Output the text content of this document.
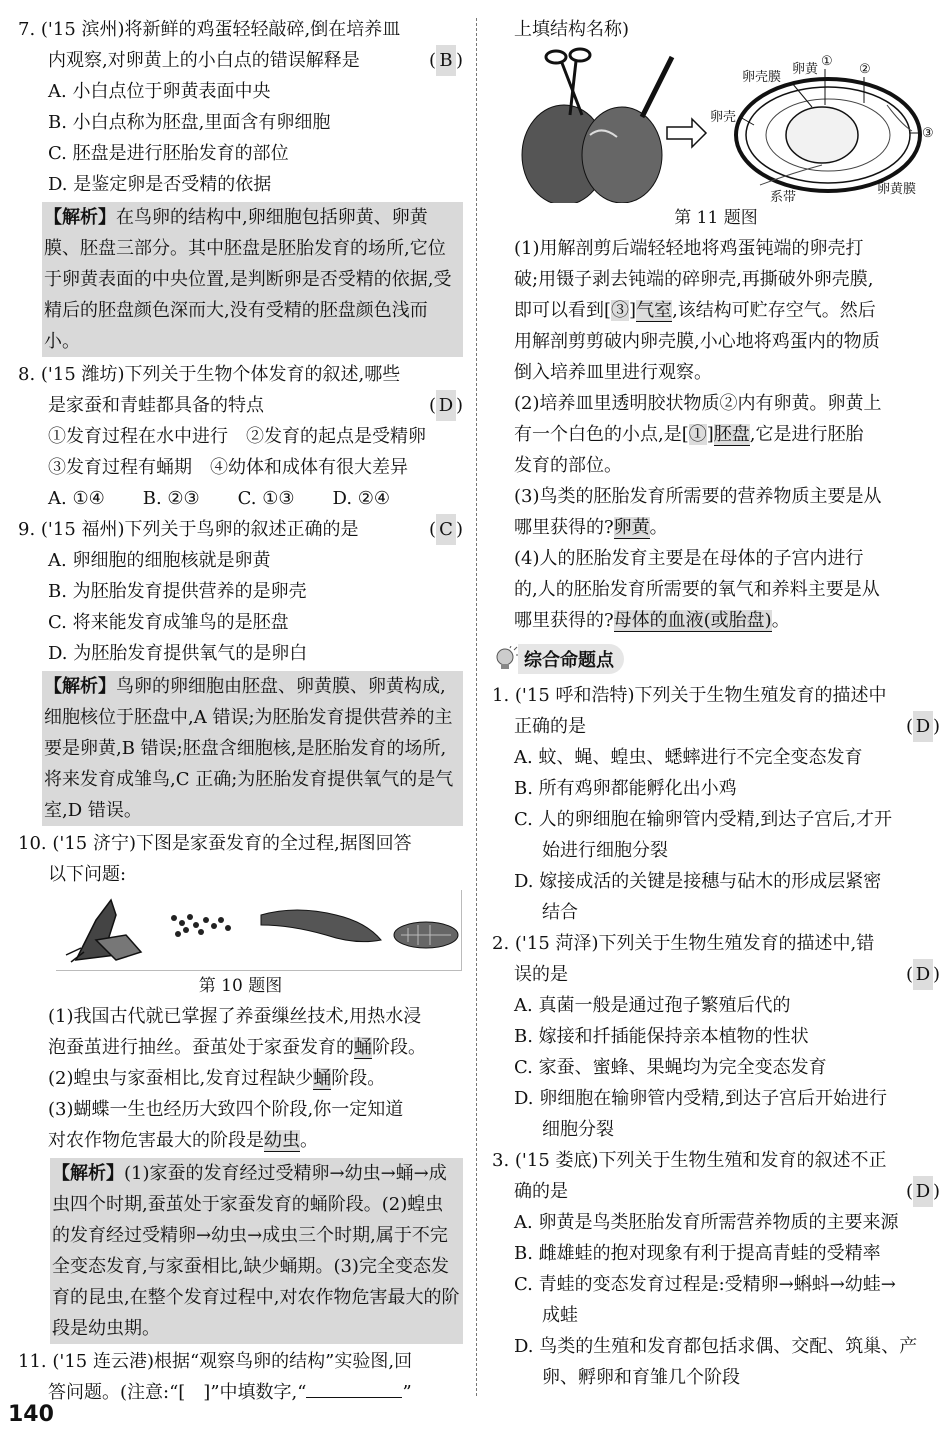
7. ('15 滨州)将新鲜的鸡蛋轻轻敲碎,倒在培养皿

内观察,对卵黄上的小白点的错误解释是	( B )

A. 小白点位于卵黄表面中央

B. 小白点称为胚盘,里面含有卵细胞

C. 胚盘是进行胚胎发育的部位

D. 是鉴定卵是否受精的依据

【解析】在鸟卵的结构中,卵细胞包括卵黄、卵黄膜、胚盘三部分。其中胚盘是胚胎发育的场所,它位于卵黄表面的中央位置,是判断卵是否受精的依据,受精后的胚盘颜色深而大,没有受精的胚盘颜色浅而小。

8. ('15 潍坊)下列关于生物个体发育的叙述,哪些

是家蚕和青蛙都具备的特点	( D )

①发育过程在水中进行　②发育的起点是受精卵

③发育过程有蛹期　④幼体和成体有很大差异

A. ①④ B. ②③ C. ①③ D. ②④

9. ('15 福州)下列关于鸟卵的叙述正确的是	( C )

A. 卵细胞的细胞核就是卵黄

B. 为胚胎发育提供营养的是卵壳

C. 将来能发育成雏鸟的是胚盘

D. 为胚胎发育提供氧气的是卵白

【解析】鸟卵的卵细胞由胚盘、卵黄膜、卵黄构成,细胞核位于胚盘中,A 错误;为胚胎发育提供营养的主要是卵黄,B 错误;胚盘含细胞核,是胚胎发育的场所,将来发育成雏鸟,C 正确;为胚胎发育提供氧气的是气室,D 错误。

10. ('15 济宁)下图是家蚕发育的全过程,据图回答

以下问题:

第 10 题图

(1)我国古代就已掌握了养蚕缫丝技术,用热水浸

泡蚕茧进行抽丝。蚕茧处于家蚕发育的蛹阶段。

(2)蝗虫与家蚕相比,发育过程缺少蛹阶段。

(3)蝴蝶一生也经历大致四个阶段,你一定知道

对农作物危害最大的阶段是幼虫。

【解析】(1)家蚕的发育经过受精卵→幼虫→蛹→成虫四个时期,蚕茧处于家蚕发育的蛹阶段。(2)蝗虫的发育经过受精卵→幼虫→成虫三个时期,属于不完全变态发育,与家蚕相比,缺少蛹期。(3)完全变态发育的昆虫,在整个发育过程中,对农作物危害最大的阶段是幼虫期。

11. ('15 连云港)根据“观察鸟卵的结构”实验图,回

答问题。(注意:“[　]”中填数字,“	”

上填结构名称)

卵壳膜
卵黄
①
②
卵壳
③
系带
卵黄膜
第 11 题图

(1)用解剖剪后端轻轻地将鸡蛋钝端的卵壳打

破;用镊子剥去钝端的碎卵壳,再撕破外卵壳膜,

即可以看到[③]气室,该结构可贮存空气。然后

用解剖剪剪破内卵壳膜,小心地将鸡蛋内的物质

倒入培养皿里进行观察。

(2)培养皿里透明胶状物质②内有卵黄。卵黄上

有一个白色的小点,是[①]胚盘,它是进行胚胎

发育的部位。

(3)鸟类的胚胎发育所需要的营养物质主要是从

哪里获得的?卵黄。

(4)人的胚胎发育主要是在母体的子宫内进行

的,人的胚胎发育所需要的氧气和养料主要是从

哪里获得的?母体的血液(或胎盘)。

综合命题点

1. ('15 呼和浩特)下列关于生物生殖发育的描述中

正确的是	( D )

A. 蚊、蝇、蝗虫、蟋蟀进行不完全变态发育

B. 所有鸡卵都能孵化出小鸡

C. 人的卵细胞在输卵管内受精,到达子宫后,才开

始进行细胞分裂

D. 嫁接成活的关键是接穗与砧木的形成层紧密

结合

2. ('15 菏泽)下列关于生物生殖发育的描述中,错

误的是	( D )

A. 真菌一般是通过孢子繁殖后代的

B. 嫁接和扦插能保持亲本植物的性状

C. 家蚕、蜜蜂、果蝇均为完全变态发育

D. 卵细胞在输卵管内受精,到达子宫后开始进行

细胞分裂

3. ('15 娄底)下列关于生物生殖和发育的叙述不正

确的是	( D )

A. 卵黄是鸟类胚胎发育所需营养物质的主要来源

B. 雌雄蛙的抱对现象有利于提高青蛙的受精率

C. 青蛙的变态发育过程是:受精卵→蝌蚪→幼蛙→

成蛙

D. 鸟类的生殖和发育都包括求偶、交配、筑巢、产

卵、孵卵和育雏几个阶段

140
